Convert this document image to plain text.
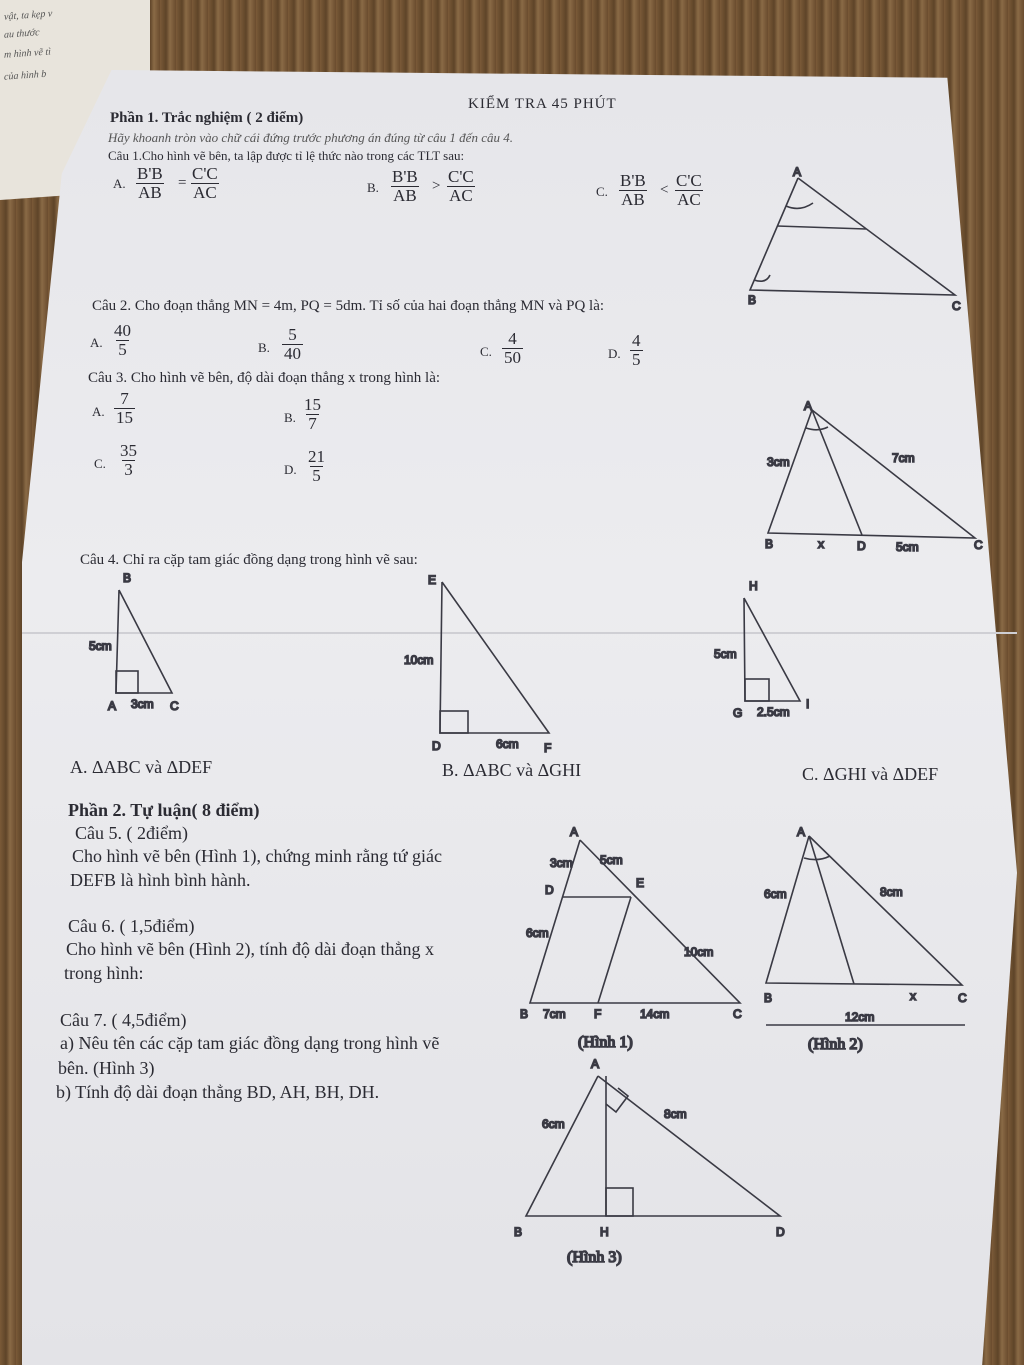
vật, ta kẹp v
au thước
m hình vẽ tì
của hình b
KIỂM TRA 45 PHÚT
Phần 1. Trắc nghiệm ( 2 điểm)
Hãy khoanh tròn vào chữ cái đứng trước phương án đúng từ câu 1 đến câu 4.
Câu 1.Cho hình vẽ bên, ta lập được tỉ lệ thức nào trong các TLT sau:
A. $\frac{B'B}{AB} = \frac{C'C}{AC}$	B. $\frac{B'B}{AB} > \frac{C'C}{AC}$	C. $\frac{B'B}{AB} < \frac{C'C}{AC}$
Câu 2. Cho đoạn thẳng MN = 4m, PQ = 5dm. Tỉ số của hai đoạn thẳng MN và PQ là:
A. $\frac{40}{5}$	B. $\frac{5}{40}$	C. $\frac{4}{50}$	D. $\frac{4}{5}$
Câu 3. Cho hình vẽ bên, độ dài đoạn thẳng x trong hình là:
A. $\frac{7}{15}$	B. $\frac{15}{7}$
C. $\frac{35}{3}$	D. $\frac{21}{5}$
Câu 4. Chỉ ra cặp tam giác đồng dạng trong hình vẽ sau:
A. ΔABC và ΔDEF	B. ΔABC và ΔGHI	C. ΔGHI và ΔDEF
Phần 2. Tự luận( 8 điểm)
Câu 5. ( 2điểm)
Cho hình vẽ bên (Hình 1), chứng minh rằng tứ giác
DEFB là hình bình hành.
Câu 6. ( 1,5điểm)
Cho hình vẽ bên (Hình 2), tính độ dài đoạn thẳng x
trong hình:
Câu 7. ( 4,5điểm)
a) Nêu tên các cặp tam giác đồng dạng trong hình vẽ
bên. (Hình 3)
b) Tính độ dài đoạn thẳng BD, AH, BH, DH.
A
B	C
A
B	D	C
x
3cm	7cm
5cm
B
A	C
5cm
3cm
E
D	F
10cm
6cm
H
G
I
5cm
2.5cm
A
D	E
B	F	C
3cm 5cm
6cm
10cm
7cm	14cm
(Hình 1)
A
B	C
x
6cm	8cm
12cm
(Hình 2)
A
B	H	D
6cm
8cm
(Hình 3)
